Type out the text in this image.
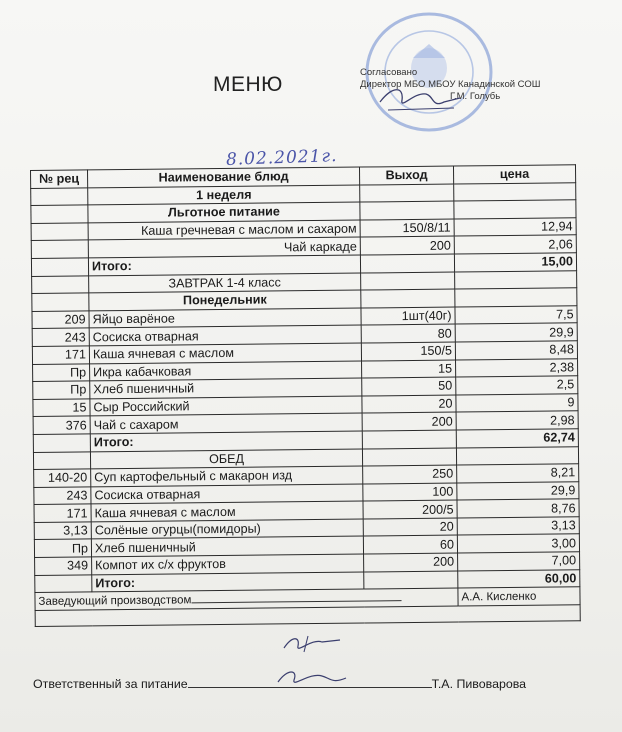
МЕНЮ
Согласовано
Директор МБО МБОУ Канадинской СОШ
Г.М. Голубь
8.02.2021г.
№ рец	Наименование блюд	Выход	цена
	1 неделя		
	Льготное питание		
	Каша гречневая с маслом и сахаром	150/8/11	12,94
	Чай каркаде	200	2,06
	Итого:		15,00
	ЗАВТРАК 1-4 класс		
	Понедельник		
209	Яйцо варёное	1шт(40г)	7,5
243	Сосиска отварная	80	29,9
171	Каша ячневая с маслом	150/5	8,48
Пр	Икра кабачковая	15	2,38
Пр	Хлеб пшеничный	50	2,5
15	Сыр Российский	20	9
376	Чай с сахаром	200	2,98
	Итого:		62,74
	ОБЕД		
140-20	Суп картофельный с макарон изд	250	8,21
243	Сосиска отварная	100	29,9
171	Каша ячневая с маслом	200/5	8,76
3,13	Солёные огурцы(помидоры)	20	3,13
Пр	Хлеб пшеничный	60	3,00
349	Компот их с/х фруктов	200	7,00
	Итого:		60,00
Заведующий производством			А.А. Кисленко

Ответственный за питание	Т.А. Пивоварова
